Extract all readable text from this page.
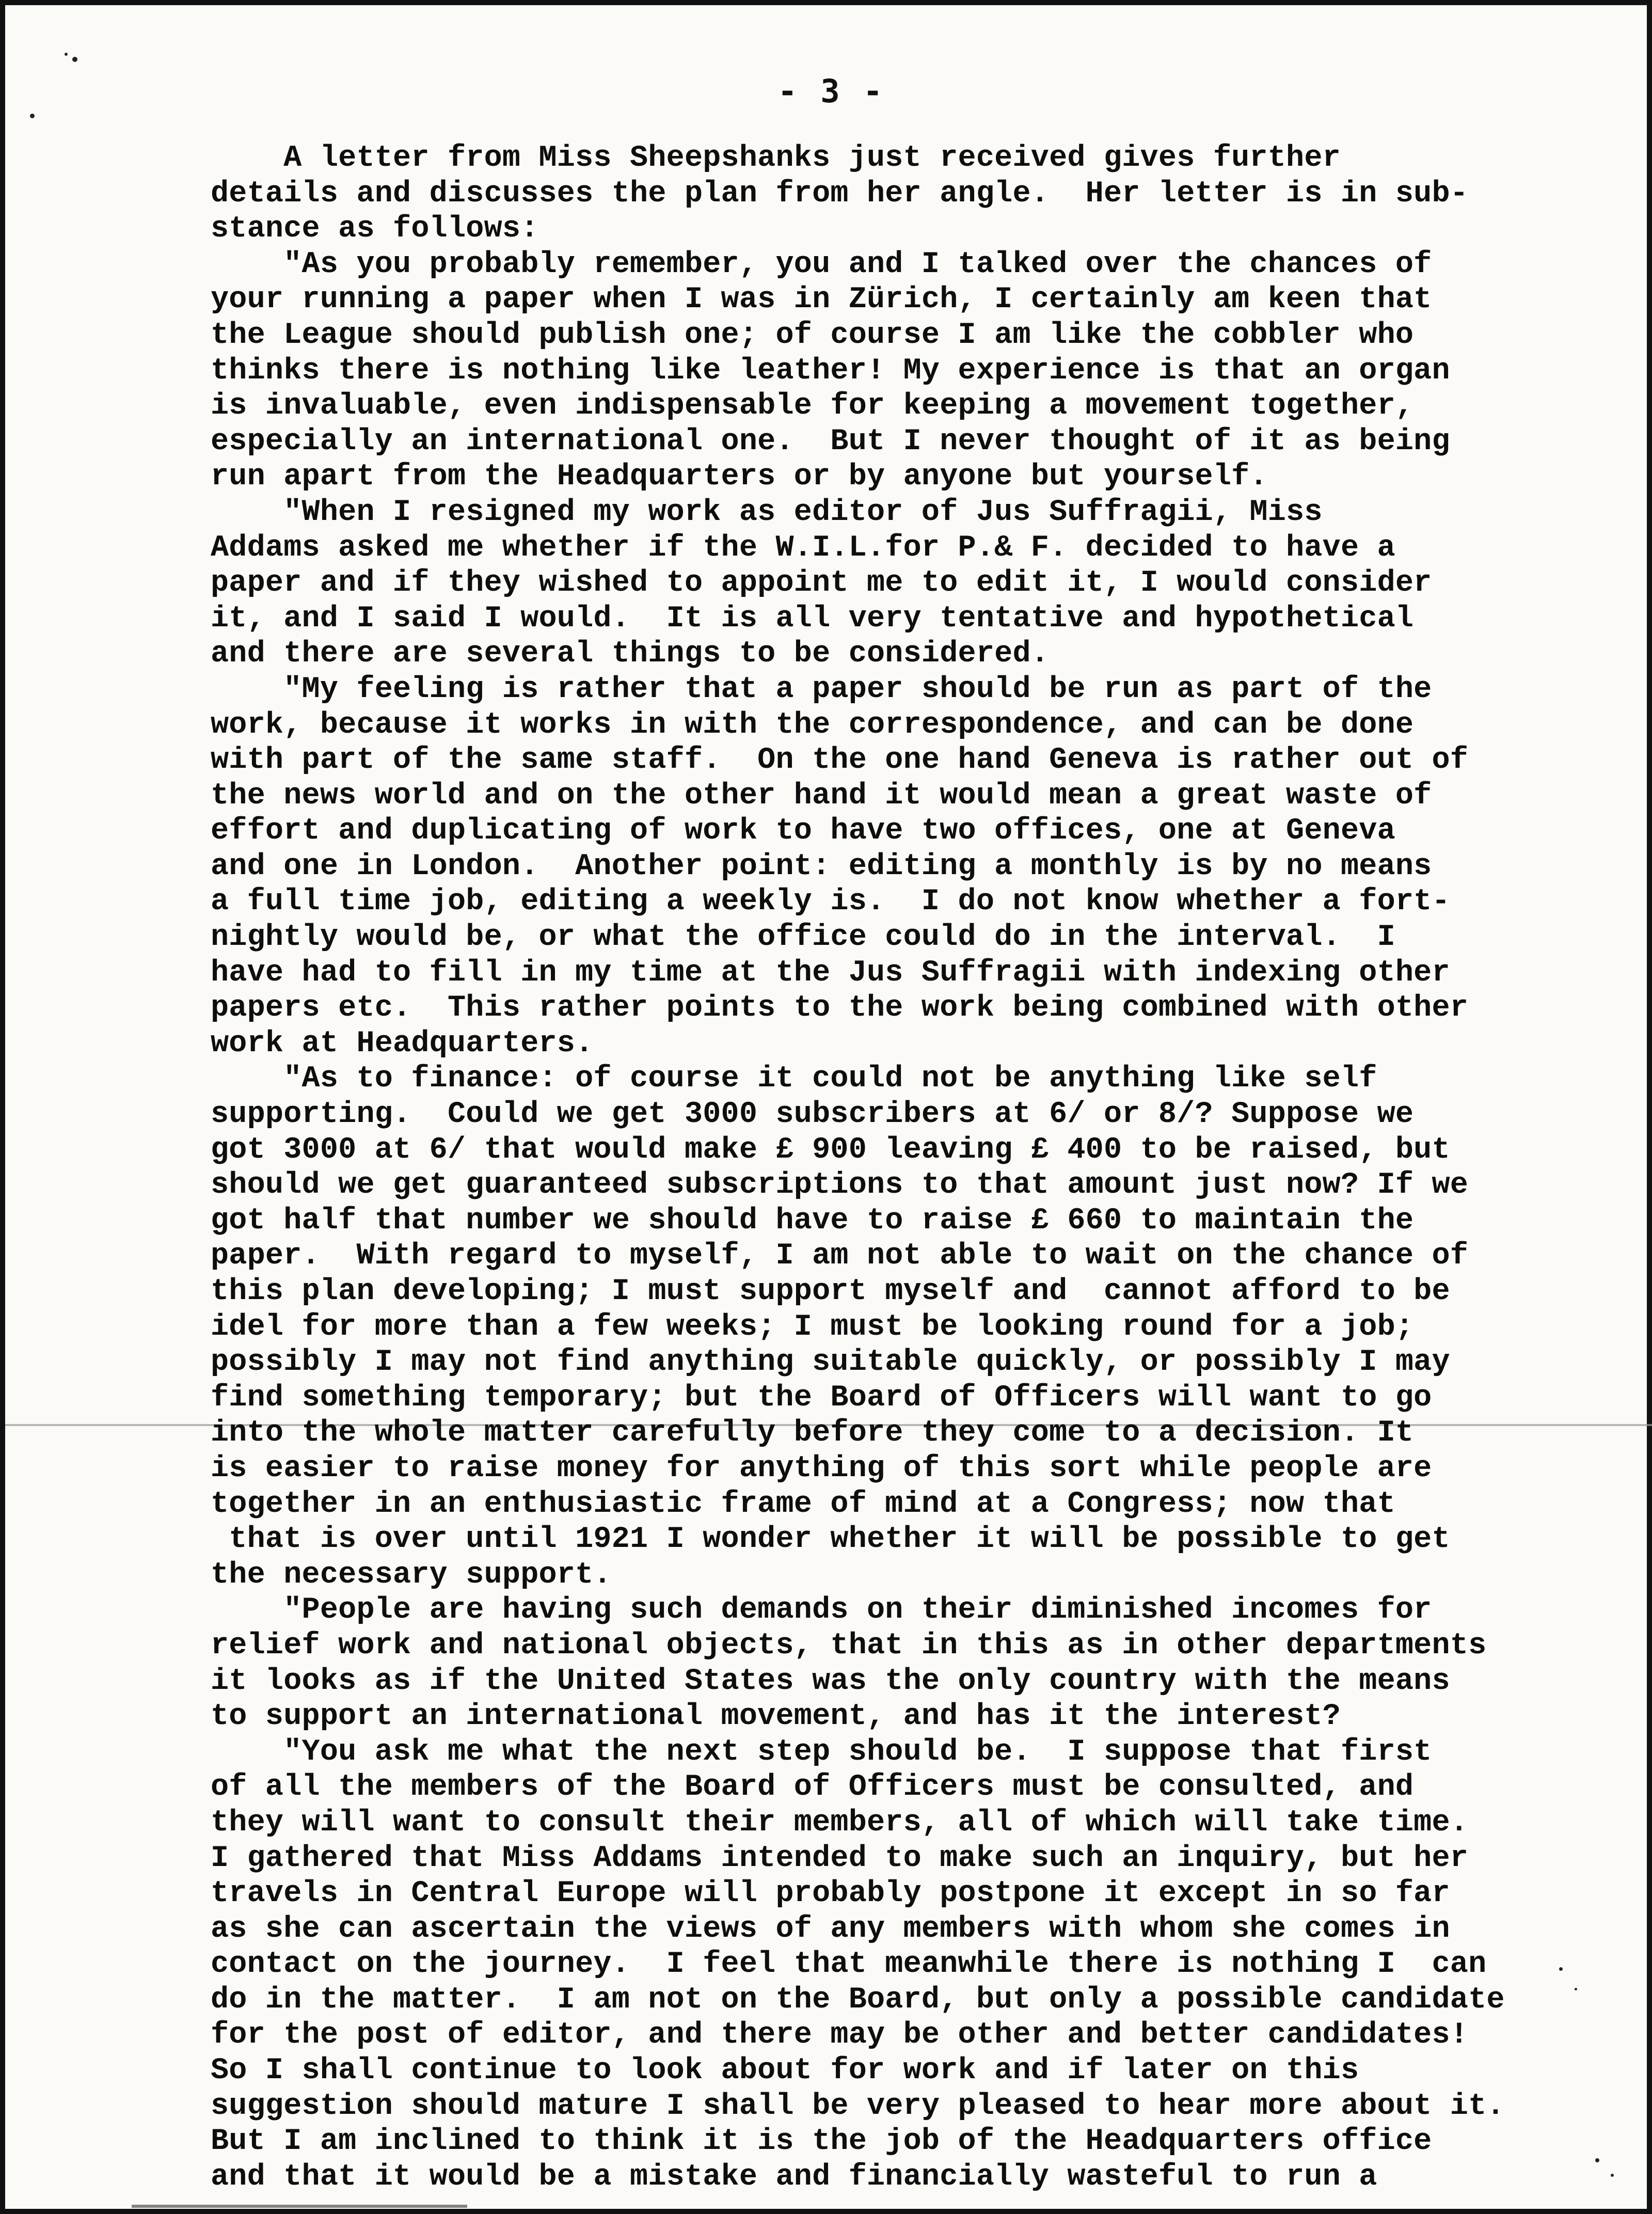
- 3 -
A letter from Miss Sheepshanks just received gives further
details and discusses the plan from her angle.  Her letter is in sub-
stance as follows:
"As you probably remember, you and I talked over the chances of
your running a paper when I was in Zürich, I certainly am keen that
the League should publish one; of course I am like the cobbler who
thinks there is nothing like leather! My experience is that an organ
is invaluable, even indispensable for keeping a movement together,
especially an international one.  But I never thought of it as being
run apart from the Headquarters or by anyone but yourself.
"When I resigned my work as editor of Jus Suffragii, Miss
Addams asked me whether if the W.I.L.for P.& F. decided to have a
paper and if they wished to appoint me to edit it, I would consider
it, and I said I would.  It is all very tentative and hypothetical
and there are several things to be considered.
"My feeling is rather that a paper should be run as part of the
work, because it works in with the correspondence, and can be done
with part of the same staff.  On the one hand Geneva is rather out of
the news world and on the other hand it would mean a great waste of
effort and duplicating of work to have two offices, one at Geneva
and one in London.  Another point: editing a monthly is by no means
a full time job, editing a weekly is.  I do not know whether a fort-
nightly would be, or what the office could do in the interval.  I
have had to fill in my time at the Jus Suffragii with indexing other
papers etc.  This rather points to the work being combined with other
work at Headquarters.
"As to finance: of course it could not be anything like self
supporting.  Could we get 3000 subscribers at 6/ or 8/? Suppose we
got 3000 at 6/ that would make £ 900 leaving £ 400 to be raised, but
should we get guaranteed subscriptions to that amount just now? If we
got half that number we should have to raise £ 660 to maintain the
paper.  With regard to myself, I am not able to wait on the chance of
this plan developing; I must support myself and  cannot afford to be
idel for more than a few weeks; I must be looking round for a job;
possibly I may not find anything suitable quickly, or possibly I may
find something temporary; but the Board of Officers will want to go
into the whole matter carefully before they come to a decision. It
is easier to raise money for anything of this sort while people are
together in an enthusiastic frame of mind at a Congress; now that
that is over until 1921 I wonder whether it will be possible to get
the necessary support.
"People are having such demands on their diminished incomes for
relief work and national objects, that in this as in other departments
it looks as if the United States was the only country with the means
to support an international movement, and has it the interest?
"You ask me what the next step should be.  I suppose that first
of all the members of the Board of Officers must be consulted, and
they will want to consult their members, all of which will take time.
I gathered that Miss Addams intended to make such an inquiry, but her
travels in Central Europe will probably postpone it except in so far
as she can ascertain the views of any members with whom she comes in
contact on the journey.  I feel that meanwhile there is nothing I  can
do in the matter.  I am not on the Board, but only a possible candidate
for the post of editor, and there may be other and better candidates!
So I shall continue to look about for work and if later on this
suggestion should mature I shall be very pleased to hear more about it.
But I am inclined to think it is the job of the Headquarters office
and that it would be a mistake and financially wasteful to run a
